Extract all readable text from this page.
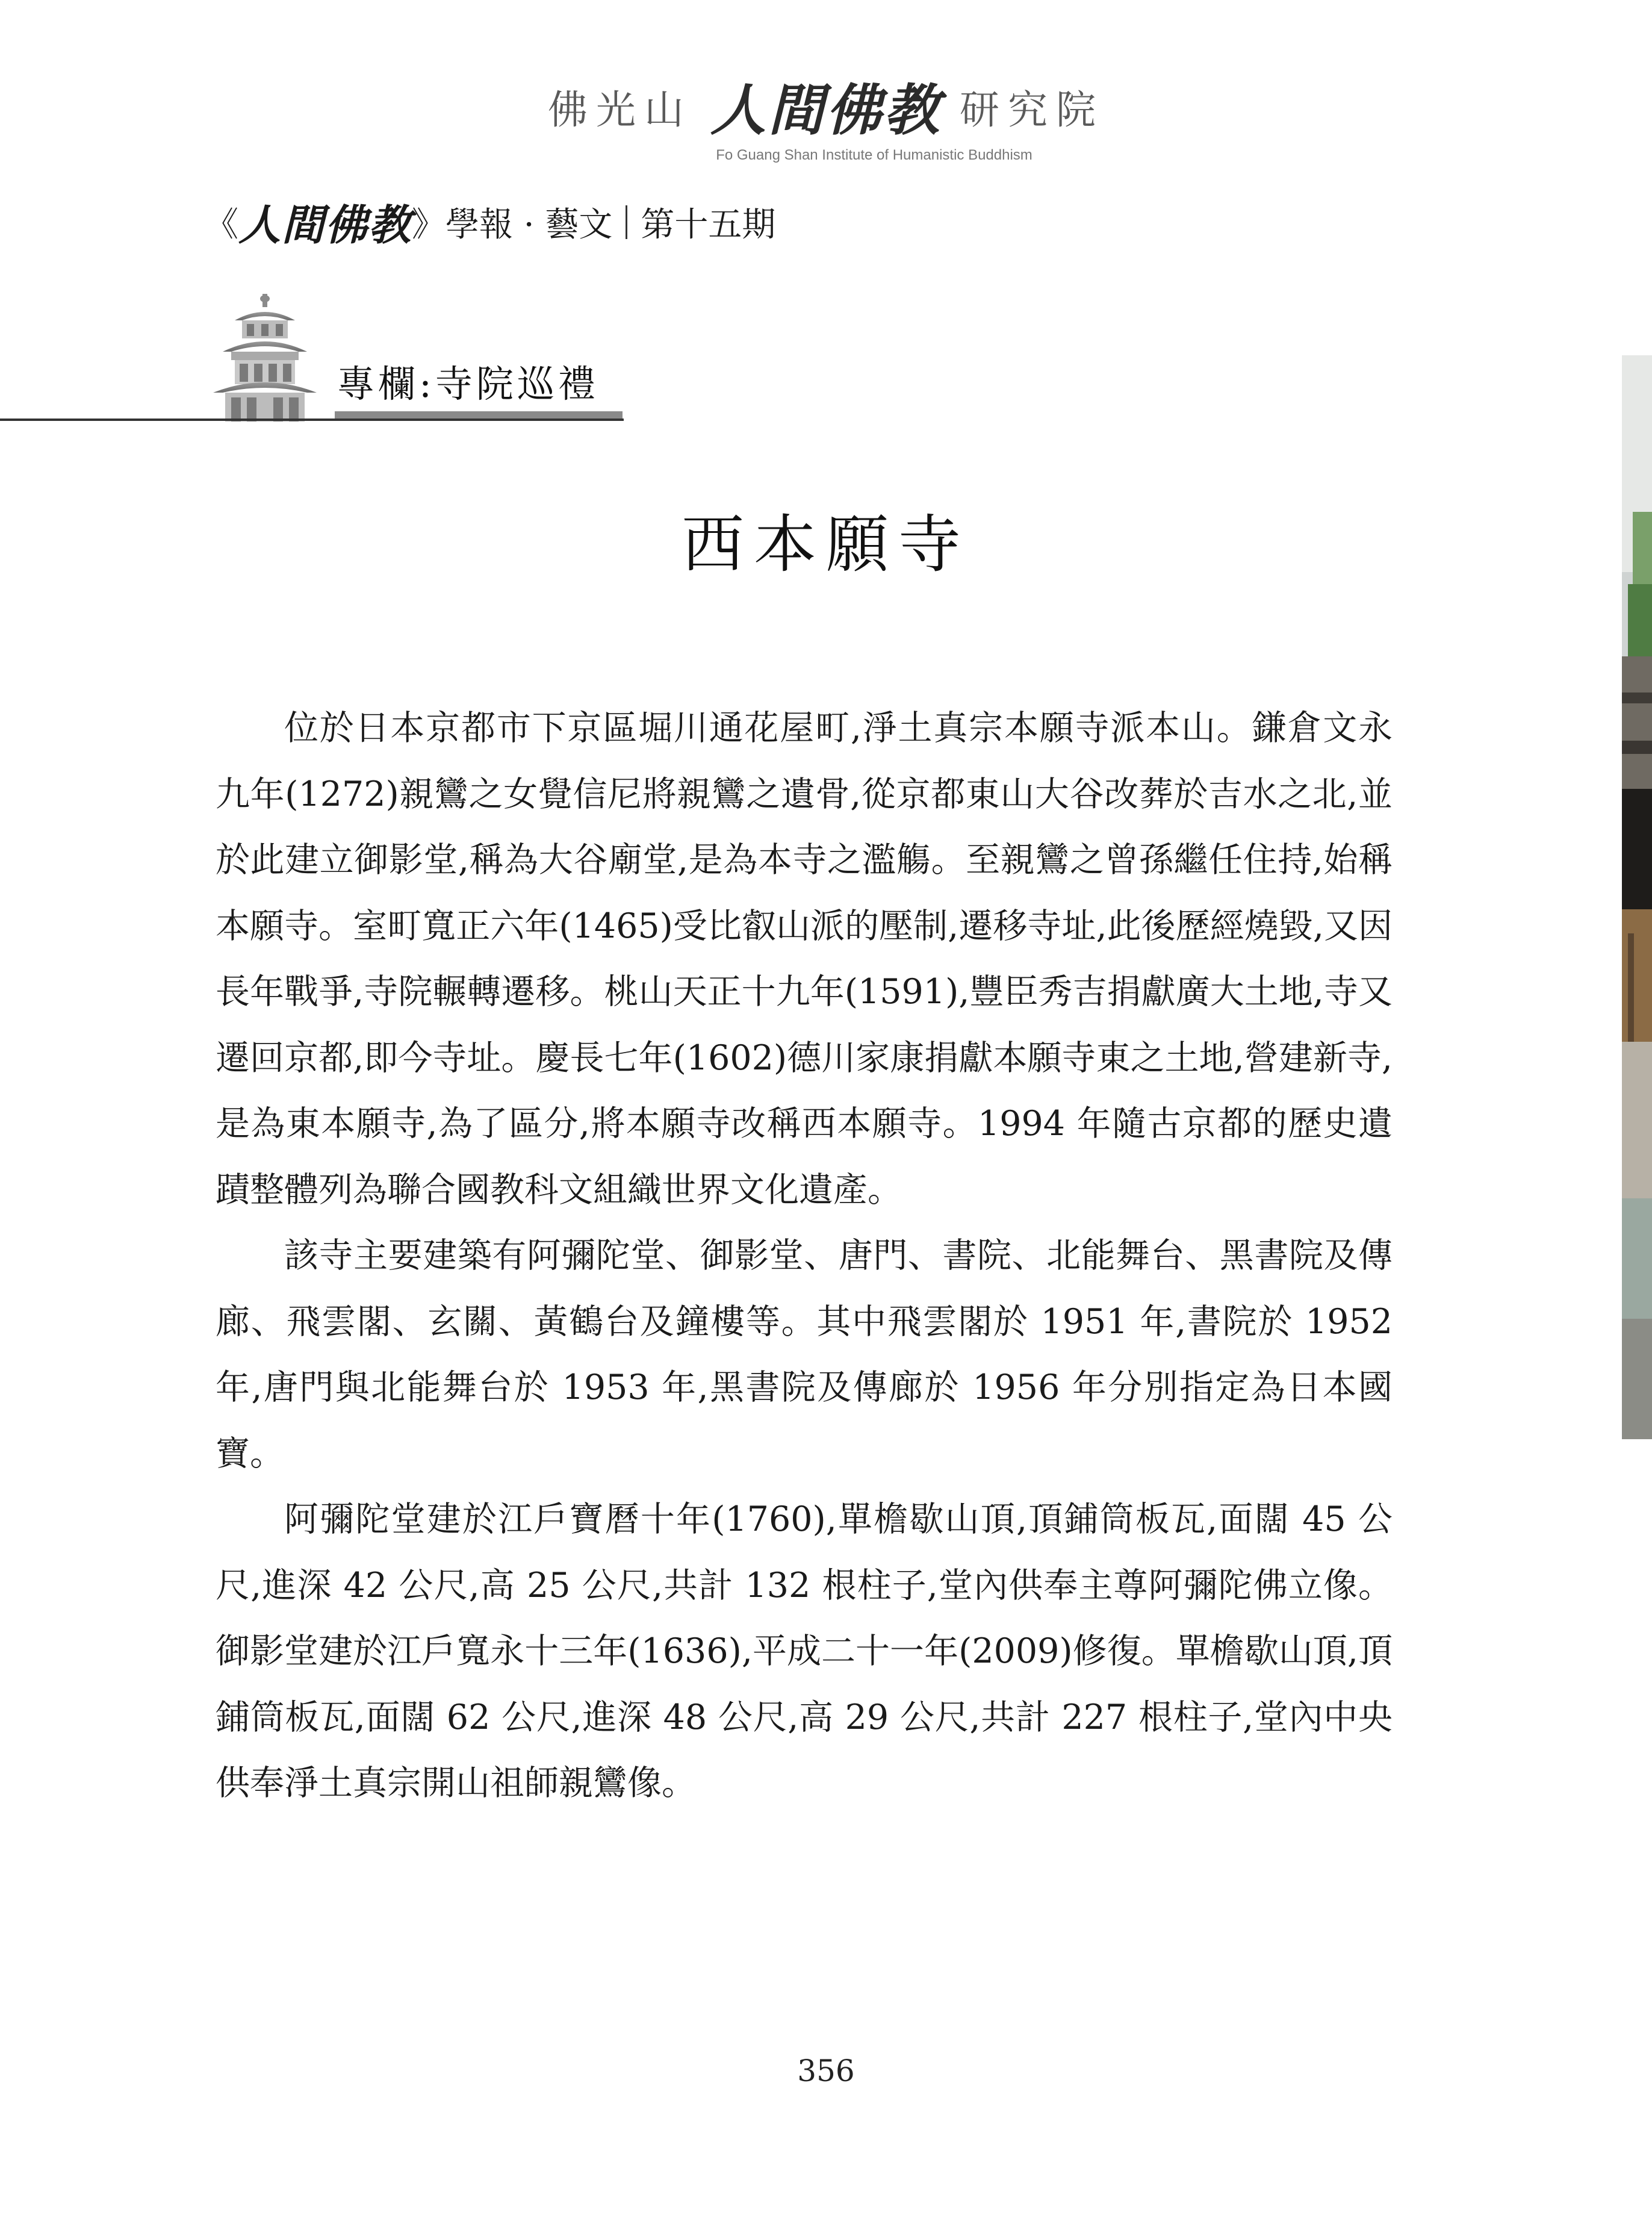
佛光山 人間佛教 研究院
Fo Guang Shan Institute of Humanistic Buddhism
《 人間佛教 》 學報 · 藝文 第十五期
專欄:寺院巡禮
西本願寺

位於日本京都市下京區堀川通花屋町,淨土真宗本願寺派本山。鎌倉文永九年(1272)親鸞之女覺信尼將親鸞之遺骨,從京都東山大谷改葬於吉水之北,並於此建立御影堂,稱為大谷廟堂,是為本寺之濫觴。至親鸞之曾孫繼任住持,始稱本願寺。室町寬正六年(1465)受比叡山派的壓制,遷移寺址,此後歷經燒毀,又因長年戰爭,寺院輾轉遷移。桃山天正十九年(1591),豐臣秀吉捐獻廣大土地,寺又遷回京都,即今寺址。慶長七年(1602)德川家康捐獻本願寺東之土地,營建新寺,是為東本願寺,為了區分,將本願寺改稱西本願寺。1994 年隨古京都的歷史遺蹟整體列為聯合國教科文組織世界文化遺產。

該寺主要建築有阿彌陀堂、御影堂、唐門、書院、北能舞台、黑書院及傳廊、飛雲閣、玄關、黃鶴台及鐘樓等。其中飛雲閣於 1951 年,書院於 1952 年,唐門與北能舞台於 1953 年,黑書院及傳廊於 1956 年分別指定為日本國寶。

阿彌陀堂建於江戶寶曆十年(1760),單檐歇山頂,頂鋪筒板瓦,面闊 45 公尺,進深 42 公尺,高 25 公尺,共計 132 根柱子,堂內供奉主尊阿彌陀佛立像。御影堂建於江戶寬永十三年(1636),平成二十一年(2009)修復。單檐歇山頂,頂鋪筒板瓦,面闊 62 公尺,進深 48 公尺,高 29 公尺,共計 227 根柱子,堂內中央供奉淨土真宗開山祖師親鸞像。

356
